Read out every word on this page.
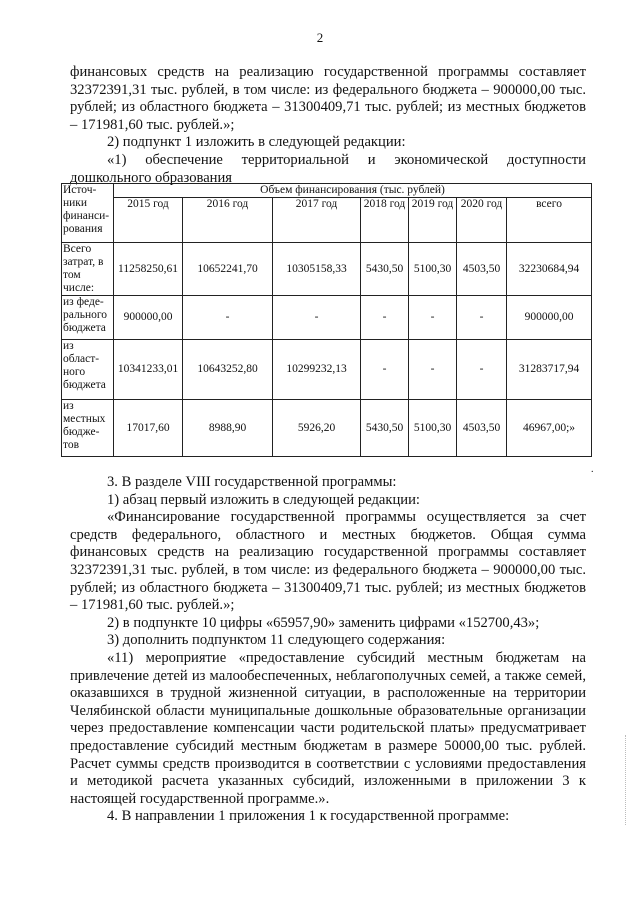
2

финансовых средств на реализацию государственной программы составляет 32372391,31 тыс. рублей, в том числе: из федерального бюджета – 900000,00 тыс. рублей; из областного бюджета – 31300409,71 тыс. рублей; из местных бюджетов – 171981,60 тыс. рублей.»;

2) подпункт 1 изложить в следующей редакции:

«1) обеспечение территориальной и экономической доступности дошкольного образования

Источ-ники финанси-рования	Объем финансирования (тыс. рублей)						
	2015 год	2016 год	2017 год	2018 год	2019 год	2020 год	всего
Всего затрат, в том числе:	11258250,61	10652241,70	10305158,33	5430,50	5100,30	4503,50	32230684,94
из феде-рального бюджета	900000,00	-	-	-	-	-	900000,00
из област-ного бюджета	10341233,01	10643252,80	10299232,13	-	-	-	31283717,94
из местных бюдже-тов	17017,60	8988,90	5926,20	5430,50	5100,30	4503,50	46967,00;»
.

3. В разделе VIII государственной программы:

1) абзац первый изложить в следующей редакции:

«Финансирование государственной программы осуществляется за счет средств федерального, областного и местных бюджетов. Общая сумма финансовых средств на реализацию государственной программы составляет 32372391,31 тыс. рублей, в том числе: из федерального бюджета – 900000,00 тыс. рублей; из областного бюджета – 31300409,71 тыс. рублей; из местных бюджетов – 171981,60 тыс. рублей.»;

2) в подпункте 10 цифры «65957,90» заменить цифрами «152700,43»;

3) дополнить подпунктом 11 следующего содержания:

«11) мероприятие «предоставление субсидий местным бюджетам на привлечение детей из малообеспеченных, неблагополучных семей, а также семей, оказавшихся в трудной жизненной ситуации, в расположенные на территории Челябинской области муниципальные дошкольные образовательные организации через предоставление компенсации части родительской платы» предусматривает предоставление субсидий местным бюджетам в размере 50000,00 тыс. рублей. Расчет суммы средств производится в соответствии с условиями предоставления и методикой расчета указанных субсидий, изложенными в приложении 3 к настоящей государственной программе.».

4. В направлении 1 приложения 1 к государственной программе:
